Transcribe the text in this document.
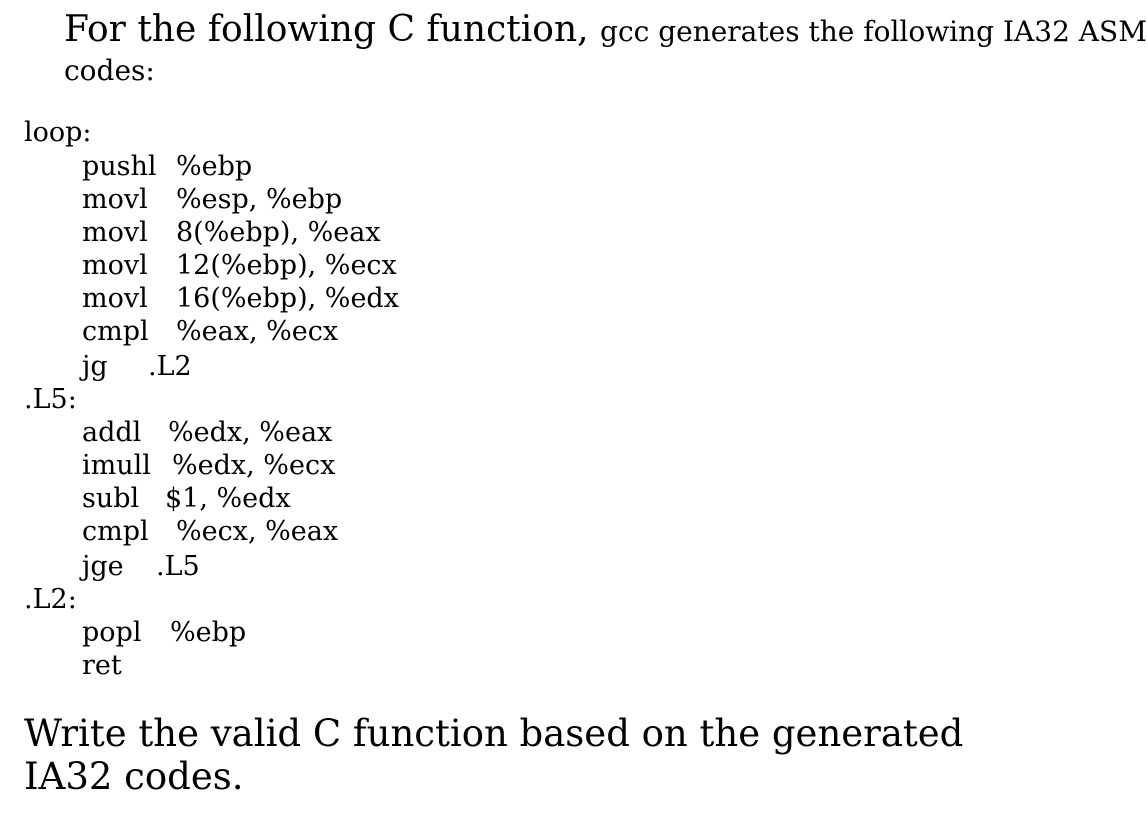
For the following C function, gcc generates the following IA32 ASM
codes:
loop:
pushl %ebp
movl %esp, %ebp
movl 8(%ebp), %eax
movl 12(%ebp), %ecx
movl 16(%ebp), %edx
cmpl %eax, %ecx
jg .L2
.L5:
addl %edx, %eax
imull %edx, %ecx
subl $1, %edx
cmpl %ecx, %eax
jge .L5
.L2:
popl %ebp
ret
Write the valid C function based on the generated IA32 codes.
